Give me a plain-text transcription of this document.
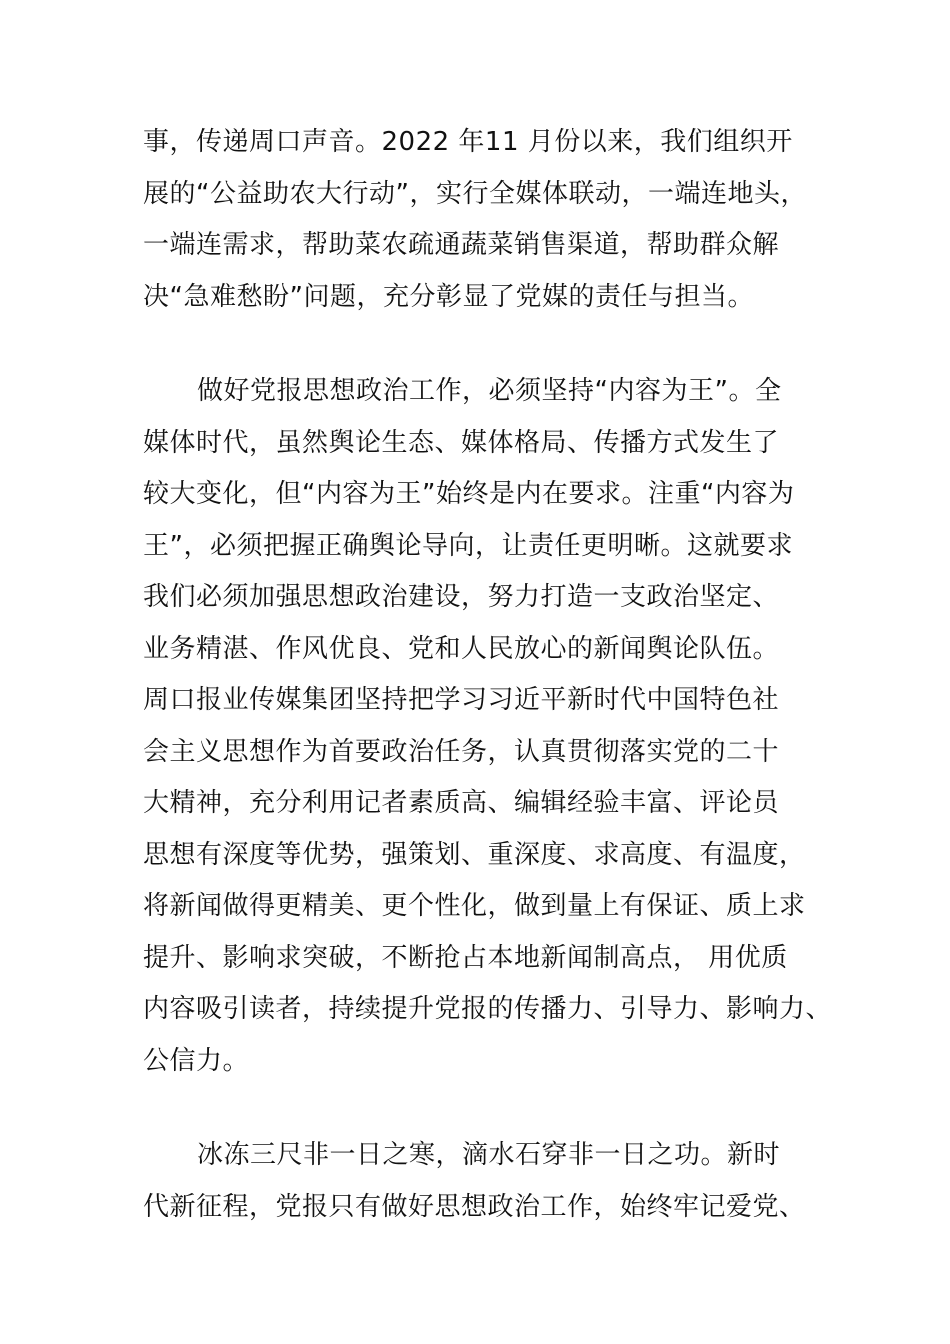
事，传递周口声音。2022 年11 月份以来，我们组织开
展的“公益助农大行动”，实行全媒体联动，一端连地头，
一端连需求，帮助菜农疏通蔬菜销售渠道，帮助群众解
决“急难愁盼”问题，充分彰显了党媒的责任与担当。
做好党报思想政治工作，必须坚持“内容为王”。全
媒体时代，虽然舆论生态、媒体格局、传播方式发生了
较大变化，但“内容为王”始终是内在要求。注重“内容为
王”，必须把握正确舆论导向，让责任更明晰。这就要求
我们必须加强思想政治建设，努力打造一支政治坚定、
业务精湛、作风优良、党和人民放心的新闻舆论队伍。
周口报业传媒集团坚持把学习习近平新时代中国特色社
会主义思想作为首要政治任务，认真贯彻落实党的二十
大精神，充分利用记者素质高、编辑经验丰富、评论员
思想有深度等优势，强策划、重深度、求高度、有温度，
将新闻做得更精美、更个性化，做到量上有保证、质上求
提升、影响求突破，不断抢占本地新闻制高点， 用优质
内容吸引读者，持续提升党报的传播力、引导力、影响力、
公信力。
冰冻三尺非一日之寒，滴水石穿非一日之功。新时
代新征程，党报只有做好思想政治工作，始终牢记爱党、
